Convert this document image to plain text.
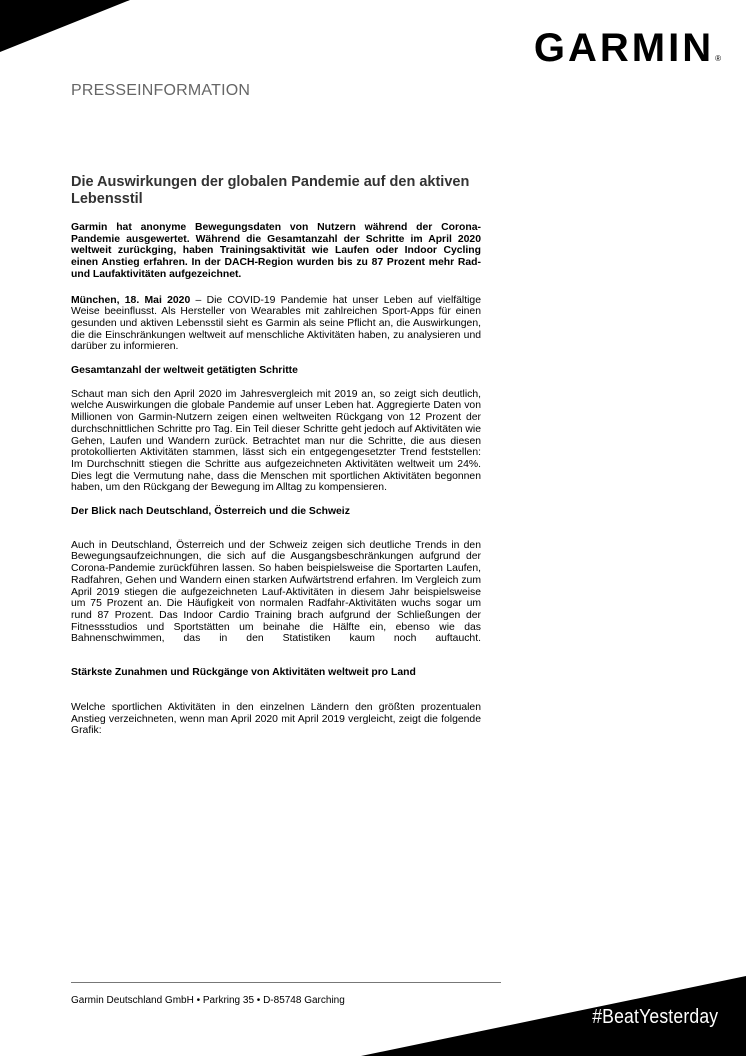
GARMIN®
PRESSEINFORMATION
Die Auswirkungen der globalen Pandemie auf den aktiven Lebensstil

Garmin hat anonyme Bewegungsdaten von Nutzern während der Corona-Pandemie ausgewertet. Während die Gesamtanzahl der Schritte im April 2020 weltweit zurückging, haben Trainingsaktivität wie Laufen oder Indoor Cycling einen Anstieg erfahren. In der DACH-Region wurden bis zu 87 Prozent mehr Rad- und Laufaktivitäten aufgezeichnet.

München, 18. Mai 2020 – Die COVID-19 Pandemie hat unser Leben auf vielfältige Weise beeinflusst. Als Hersteller von Wearables mit zahlreichen Sport-Apps für einen gesunden und aktiven Lebensstil sieht es Garmin als seine Pflicht an, die Auswirkungen, die die Einschränkungen weltweit auf menschliche Aktivitäten haben, zu analysieren und darüber zu informieren.

Gesamtanzahl der weltweit getätigten Schritte

Schaut man sich den April 2020 im Jahresvergleich mit 2019 an, so zeigt sich deutlich, welche Auswirkungen die globale Pandemie auf unser Leben hat. Aggregierte Daten von Millionen von Garmin-Nutzern zeigen einen weltweiten Rückgang von 12 Prozent der durchschnittlichen Schritte pro Tag. Ein Teil dieser Schritte geht jedoch auf Aktivitäten wie Gehen, Laufen und Wandern zurück. Betrachtet man nur die Schritte, die aus diesen protokollierten Aktivitäten stammen, lässt sich ein entgegengesetzter Trend feststellen: Im Durchschnitt stiegen die Schritte aus aufgezeichneten Aktivitäten weltweit um 24%. Dies legt die Vermutung nahe, dass die Menschen mit sportlichen Aktivitäten begonnen haben, um den Rückgang der Bewegung im Alltag zu kompensieren.

Der Blick nach Deutschland, Österreich und die Schweiz

Auch in Deutschland, Österreich und der Schweiz zeigen sich deutliche Trends in den Bewegungsaufzeichnungen, die sich auf die Ausgangsbeschränkungen aufgrund der Corona-Pandemie zurückführen lassen. So haben beispielsweise die Sportarten Laufen, Radfahren, Gehen und Wandern einen starken Aufwärtstrend erfahren. Im Vergleich zum April 2019 stiegen die aufgezeichneten Lauf-Aktivitäten in diesem Jahr beispielsweise um 75 Prozent an. Die Häufigkeit von normalen Radfahr-Aktivitäten wuchs sogar um rund 87 Prozent. Das Indoor Cardio Training brach aufgrund der Schließungen der Fitnessstudios und Sportstätten um beinahe die Hälfte ein, ebenso wie das Bahnenschwimmen, das in den Statistiken kaum noch auftaucht.

Stärkste Zunahmen und Rückgänge von Aktivitäten weltweit pro Land

Welche sportlichen Aktivitäten in den einzelnen Ländern den größten prozentualen Anstieg verzeichneten, wenn man April 2020 mit April 2019 vergleicht, zeigt die folgende Grafik:

Garmin Deutschland GmbH • Parkring 35 • D-85748 Garching
#BeatYesterday
